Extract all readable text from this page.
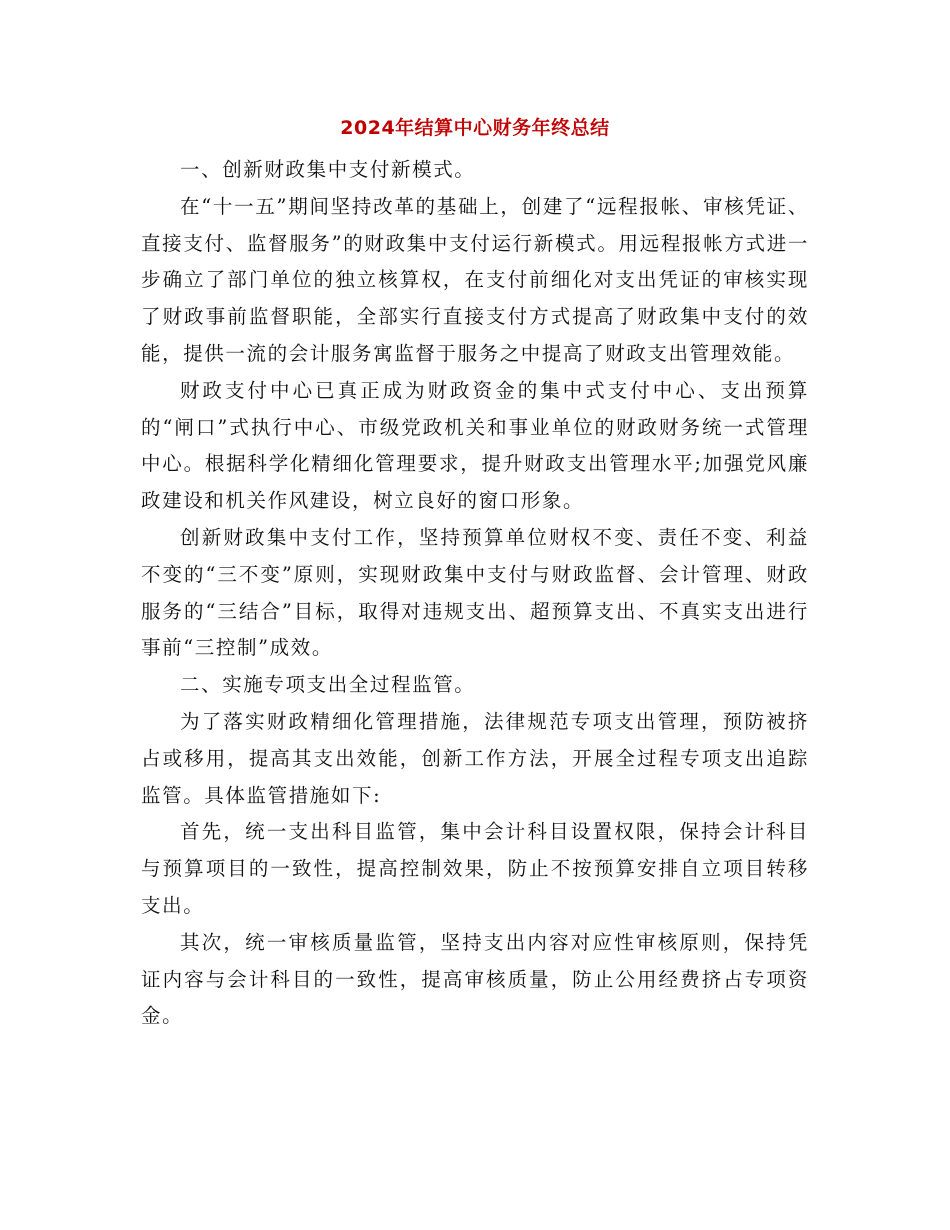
2024年结算中心财务年终总结

一、创新财政集中支付新模式。

在“十一五”期间坚持改革的基础上，创建了“远程报帐、审核凭证、直接支付、监督服务”的财政集中支付运行新模式。用远程报帐方式进一步确立了部门单位的独立核算权，在支付前细化对支出凭证的审核实现了财政事前监督职能，全部实行直接支付方式提高了财政集中支付的效能，提供一流的会计服务寓监督于服务之中提高了财政支出管理效能。

财政支付中心已真正成为财政资金的集中式支付中心、支出预算的“闸口”式执行中心、市级党政机关和事业单位的财政财务统一式管理中心。根据科学化精细化管理要求，提升财政支出管理水平;加强党风廉政建设和机关作风建设，树立良好的窗口形象。

创新财政集中支付工作，坚持预算单位财权不变、责任不变、利益不变的“三不变”原则，实现财政集中支付与财政监督、会计管理、财政服务的“三结合”目标，取得对违规支出、超预算支出、不真实支出进行事前“三控制”成效。

二、实施专项支出全过程监管。

为了落实财政精细化管理措施，法律规范专项支出管理，预防被挤占或移用，提高其支出效能，创新工作方法，开展全过程专项支出追踪监管。具体监管措施如下:

首先，统一支出科目监管，集中会计科目设置权限，保持会计科目与预算项目的一致性，提高控制效果，防止不按预算安排自立项目转移支出。

其次，统一审核质量监管，坚持支出内容对应性审核原则，保持凭证内容与会计科目的一致性，提高审核质量，防止公用经费挤占专项资金。
